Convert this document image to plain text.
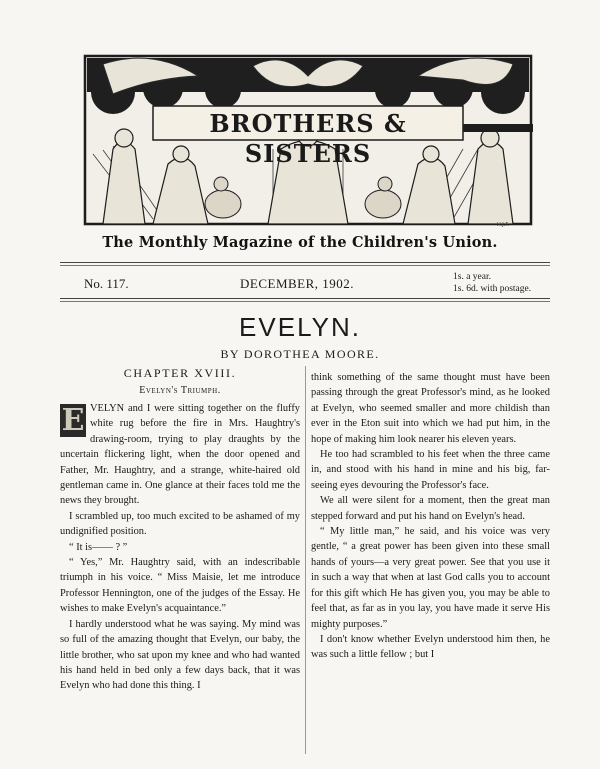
BROTHERS & SISTERS
H.J.F.
The Monthly Magazine of the Children's Union.
No. 117.	DECEMBER, 1902.	1s. a year.
1s. 6d. with postage.
EVELYN.
BY DOROTHEA MOORE.
CHAPTER XVIII.
Evelyn's Triumph.
E VELYN and I were sitting together on the fluffy white rug before the fire in Mrs. Haughtry's drawing-room, trying to play draughts by the uncertain flickering light, when the door opened and Father, Mr. Haughtry, and a strange, white-haired old gentleman came in. One glance at their faces told me the news they brought.

I scrambled up, too much excited to be ashamed of my undignified position.

“ It is—— ? ”

“ Yes,” Mr. Haughtry said, with an indescribable triumph in his voice. “ Miss Maisie, let me introduce Professor Hennington, one of the judges of the Essay. He wishes to make Evelyn's acquaintance.”

I hardly understood what he was saying. My mind was so full of the amazing thought that Evelyn, our baby, the little brother, who sat upon my knee and who had wanted his hand held in bed only a few days back, that it was Evelyn who had done this thing. I

think something of the same thought must have been passing through the great Professor's mind, as he looked at Evelyn, who seemed smaller and more childish than ever in the Eton suit into which we had put him, in the hope of making him look nearer his eleven years.

He too had scrambled to his feet when the three came in, and stood with his hand in mine and his big, far-seeing eyes devouring the Professor's face.

We all were silent for a moment, then the great man stepped forward and put his hand on Evelyn's head.

“ My little man,” he said, and his voice was very gentle, “ a great power has been given into these small hands of yours—a very great power. See that you use it in such a way that when at last God calls you to account for this gift which He has given you, you may be able to feel that, as far as in you lay, you have made it serve His mighty purposes.”

I don't know whether Evelyn understood him then, he was such a little fellow ; but I
